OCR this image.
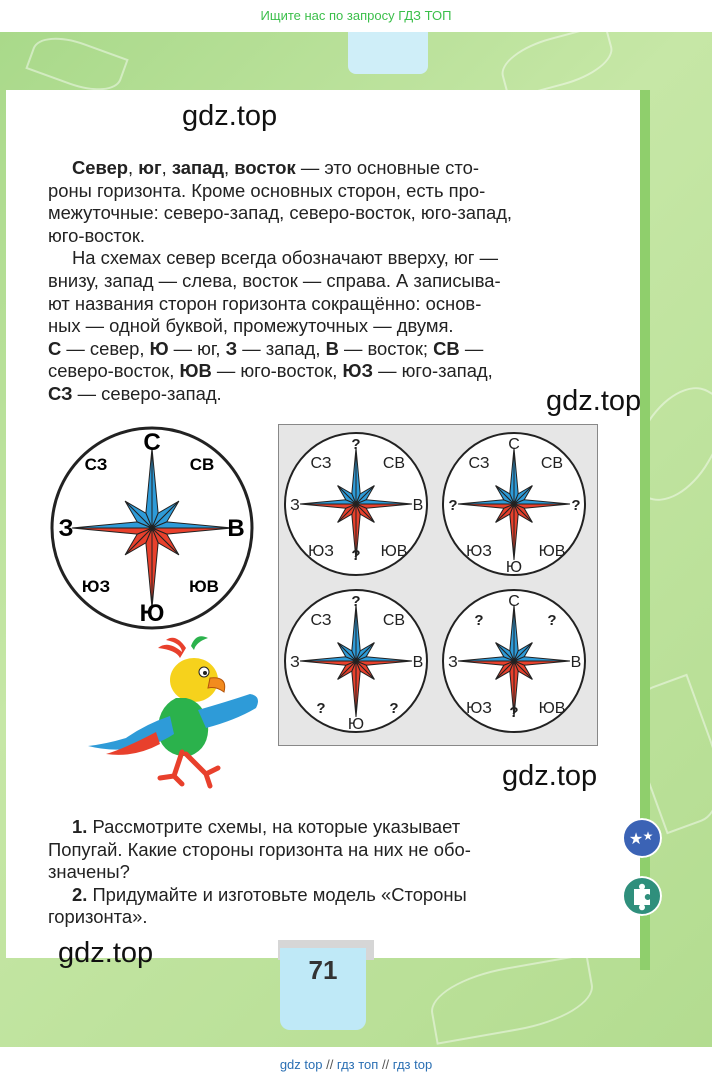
Ищите нас по запросу ГДЗ ТОП
gdz.top
Север, юг, запад, восток — это основные сто-
роны горизонта. Кроме основных сторон, есть про-
межуточные: северо-запад, северо-восток, юго-запад,
юго-восток.
На схемах север всегда обозначают вверху, юг —
внизу, запад — слева, восток — справа. А записыва-
ют названия сторон горизонта сокращённо: основ-
ных — одной буквой, промежуточных — двумя.
С — север, Ю — юг, З — запад, В — восток; СВ —
северо-восток, ЮВ — юго-восток, ЮЗ — юго-запад,
СЗ — северо-запад.	gdz.top
С
Ю
З	В
СЗ	СВ
ЮЗ	ЮВ
?
?
З	В
СЗ	СВ
ЮЗ	ЮВ
С
Ю
?	?
СЗ	СВ
ЮЗ	ЮВ
?
Ю
З	В
СЗ	СВ
?	?
С
?
З	В
?	?
ЮЗ	ЮВ
gdz.top
1. Рассмотрите схемы, на которые указывает
Попугай. Какие стороны горизонта на них не обо-
значены?
2. Придумайте и изготовьте модель «Стороны
горизонта».
★ ★
gdz.top
71
gdz top // гдз топ // гдз top
